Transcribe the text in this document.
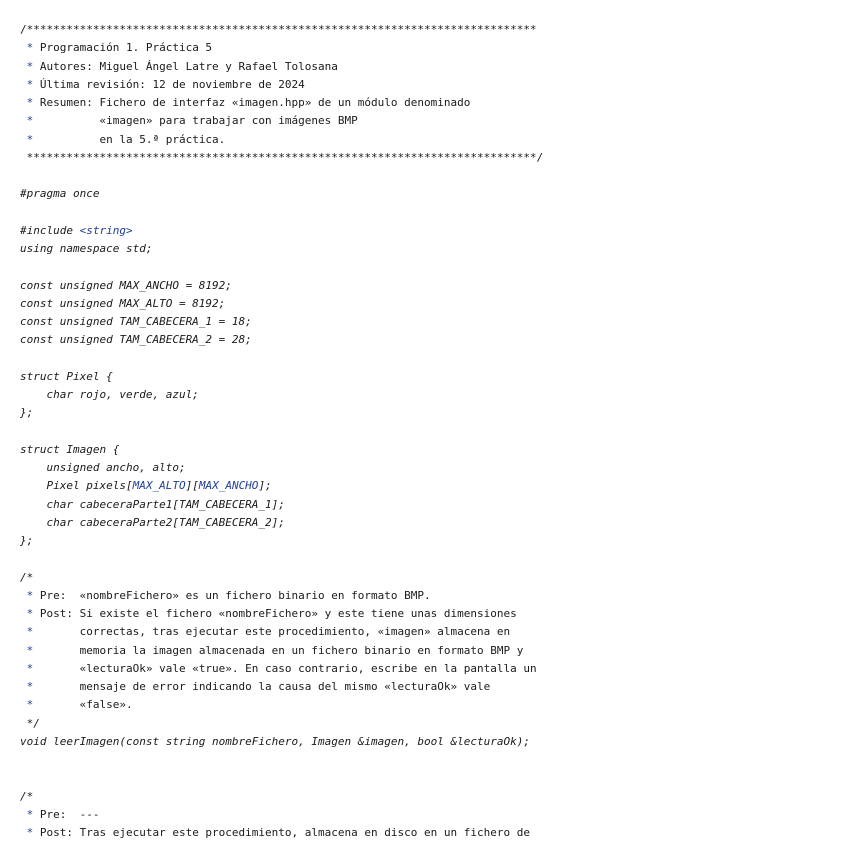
/*****************************************************************************
* Programación 1. Práctica 5
* Autores: Miguel Ángel Latre y Rafael Tolosana
* Última revisión: 12 de noviembre de 2024
* Resumen: Fichero de interfaz «imagen.hpp» de un módulo denominado
*          «imagen» para trabajar con imágenes BMP
*          en la 5.ª práctica.
*****************************************************************************/
#pragma once
#include <string>
using namespace std;
const unsigned MAX_ANCHO = 8192;
const unsigned MAX_ALTO = 8192;
const unsigned TAM_CABECERA_1 = 18;
const unsigned TAM_CABECERA_2 = 28;
struct Pixel {
char rojo, verde, azul;
};
struct Imagen {
unsigned ancho, alto;
Pixel pixels[MAX_ALTO][MAX_ANCHO];
char cabeceraParte1[TAM_CABECERA_1];
char cabeceraParte2[TAM_CABECERA_2];
};
/*
* Pre:  «nombreFichero» es un fichero binario en formato BMP.
* Post: Si existe el fichero «nombreFichero» y este tiene unas dimensiones
*       correctas, tras ejecutar este procedimiento, «imagen» almacena en
*       memoria la imagen almacenada en un fichero binario en formato BMP y
*       «lecturaOk» vale «true». En caso contrario, escribe en la pantalla un
*       mensaje de error indicando la causa del mismo «lecturaOk» vale
*       «false».
*/
void leerImagen(const string nombreFichero, Imagen &imagen, bool &lecturaOk);
/*
* Pre:  ---
* Post: Tras ejecutar este procedimiento, almacena en disco en un fichero de
